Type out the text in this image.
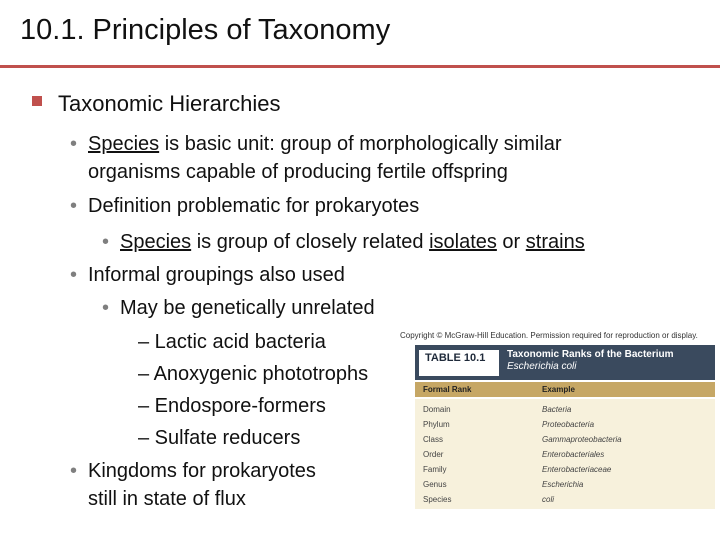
10.1. Principles of Taxonomy
Taxonomic Hierarchies
• Species is basic unit: group of morphologically similar
organisms capable of producing fertile offspring
• Definition problematic for prokaryotes
• Species is group of closely related isolates or strains
• Informal groupings also used
• May be genetically unrelated
– Lactic acid bacteria
– Anoxygenic phototrophs
– Endospore-formers
– Sulfate reducers
• Kingdoms for prokaryotes
still in state of flux
Copyright © McGraw-Hill Education. Permission required for reproduction or display.
TABLE 10.1	Taxonomic Ranks of the Bacterium
Escherichia coli
Formal Rank	Example
Domain	Bacteria
Phylum	Proteobacteria
Class	Gammaproteobacteria
Order	Enterobacteriales
Family	Enterobacteriaceae
Genus	Escherichia
Species	coli
